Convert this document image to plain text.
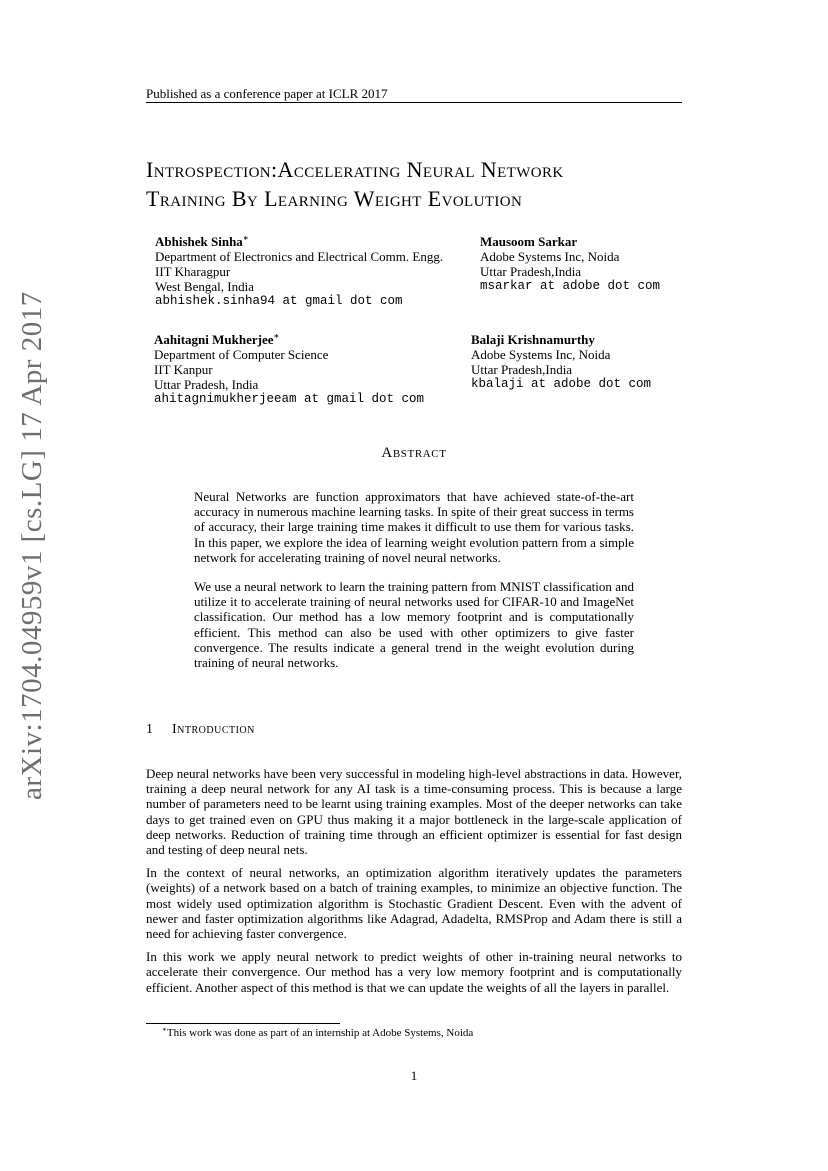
arXiv:1704.04959v1 [cs.LG] 17 Apr 2017
Published as a conference paper at ICLR 2017
Introspection:Accelerating Neural Network
Training By Learning Weight Evolution
Abhishek Sinha∗
Department of Electronics and Electrical Comm. Engg.
IIT Kharagpur
West Bengal, India
abhishek.sinha94 at gmail dot com
Mausoom Sarkar
Adobe Systems Inc, Noida
Uttar Pradesh,India
msarkar at adobe dot com
Aahitagni Mukherjee∗
Department of Computer Science
IIT Kanpur
Uttar Pradesh, India
ahitagnimukherjeeam at gmail dot com
Balaji Krishnamurthy
Adobe Systems Inc, Noida
Uttar Pradesh,India
kbalaji at adobe dot com
Abstract

Neural Networks are function approximators that have achieved state-of-the-art accuracy in numerous machine learning tasks. In spite of their great success in terms of accuracy, their large training time makes it difficult to use them for various tasks. In this paper, we explore the idea of learning weight evolution pattern from a simple network for accelerating training of novel neural networks.

We use a neural network to learn the training pattern from MNIST classification and utilize it to accelerate training of neural networks used for CIFAR-10 and ImageNet classification. Our method has a low memory footprint and is computationally efficient. This method can also be used with other optimizers to give faster convergence. The results indicate a general trend in the weight evolution during training of neural networks.

1 Introduction

Deep neural networks have been very successful in modeling high-level abstractions in data. However, training a deep neural network for any AI task is a time-consuming process. This is because a large number of parameters need to be learnt using training examples. Most of the deeper networks can take days to get trained even on GPU thus making it a major bottleneck in the large-scale application of deep networks. Reduction of training time through an efficient optimizer is essential for fast design and testing of deep neural nets.

In the context of neural networks, an optimization algorithm iteratively updates the parameters (weights) of a network based on a batch of training examples, to minimize an objective function. The most widely used optimization algorithm is Stochastic Gradient Descent. Even with the advent of newer and faster optimization algorithms like Adagrad, Adadelta, RMSProp and Adam there is still a need for achieving faster convergence.

In this work we apply neural network to predict weights of other in-training neural networks to accelerate their convergence. Our method has a very low memory footprint and is computationally efficient. Another aspect of this method is that we can update the weights of all the layers in parallel.

∗This work was done as part of an internship at Adobe Systems, Noida
1
